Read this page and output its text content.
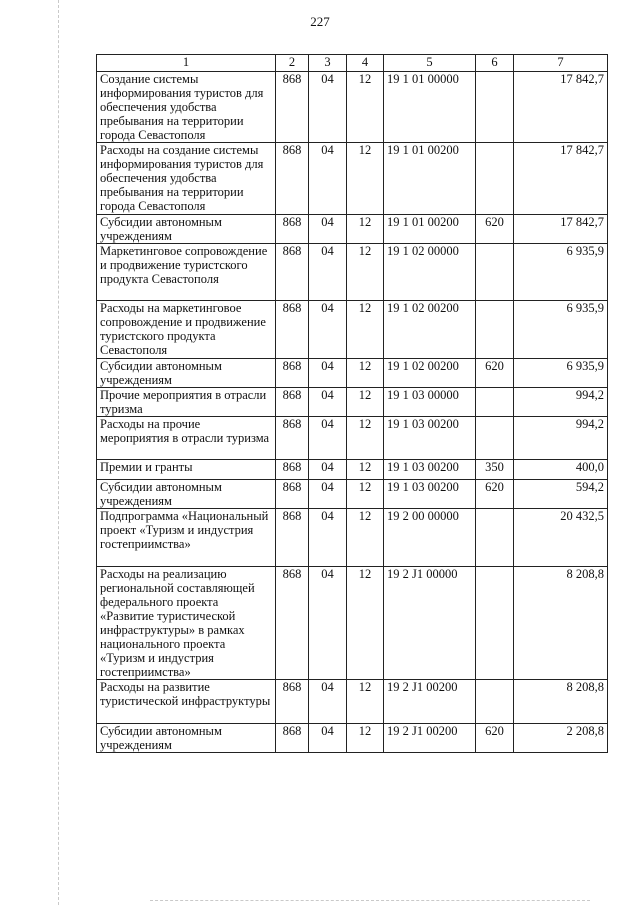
227
1	2	3	4	5	6	7
Создание системы информирования туристов для обеспечения удобства пребывания на территории города Севастополя	868	04	12	19 1 01 00000		17 842,7
Расходы на создание системы информирования туристов для обеспечения удобства пребывания на территории города Севастополя	868	04	12	19 1 01 00200		17 842,7
Субсидии автономным учреждениям	868	04	12	19 1 01 00200	620	17 842,7
Маркетинговое сопровождение и продвижение туристского продукта Севастополя	868	04	12	19 1 02 00000		6 935,9
Расходы на маркетинговое сопровождение и продвижение туристского продукта Севастополя	868	04	12	19 1 02 00200		6 935,9
Субсидии автономным учреждениям	868	04	12	19 1 02 00200	620	6 935,9
Прочие мероприятия в отрасли туризма	868	04	12	19 1 03 00000		994,2
Расходы на прочие мероприятия в отрасли туризма	868	04	12	19 1 03 00200		994,2
Премии и гранты	868	04	12	19 1 03 00200	350	400,0
Субсидии автономным учреждениям	868	04	12	19 1 03 00200	620	594,2
Подпрограмма «Национальный проект «Туризм и индустрия гостеприимства»	868	04	12	19 2 00 00000		20 432,5
Расходы на реализацию региональной составляющей федерального проекта «Развитие туристической инфраструктуры» в рамках национального проекта «Туризм и индустрия гостеприимства»	868	04	12	19 2 J1 00000		8 208,8
Расходы на развитие туристической инфраструктуры	868	04	12	19 2 J1 00200		8 208,8
Субсидии автономным учреждениям	868	04	12	19 2 J1 00200	620	2 208,8
